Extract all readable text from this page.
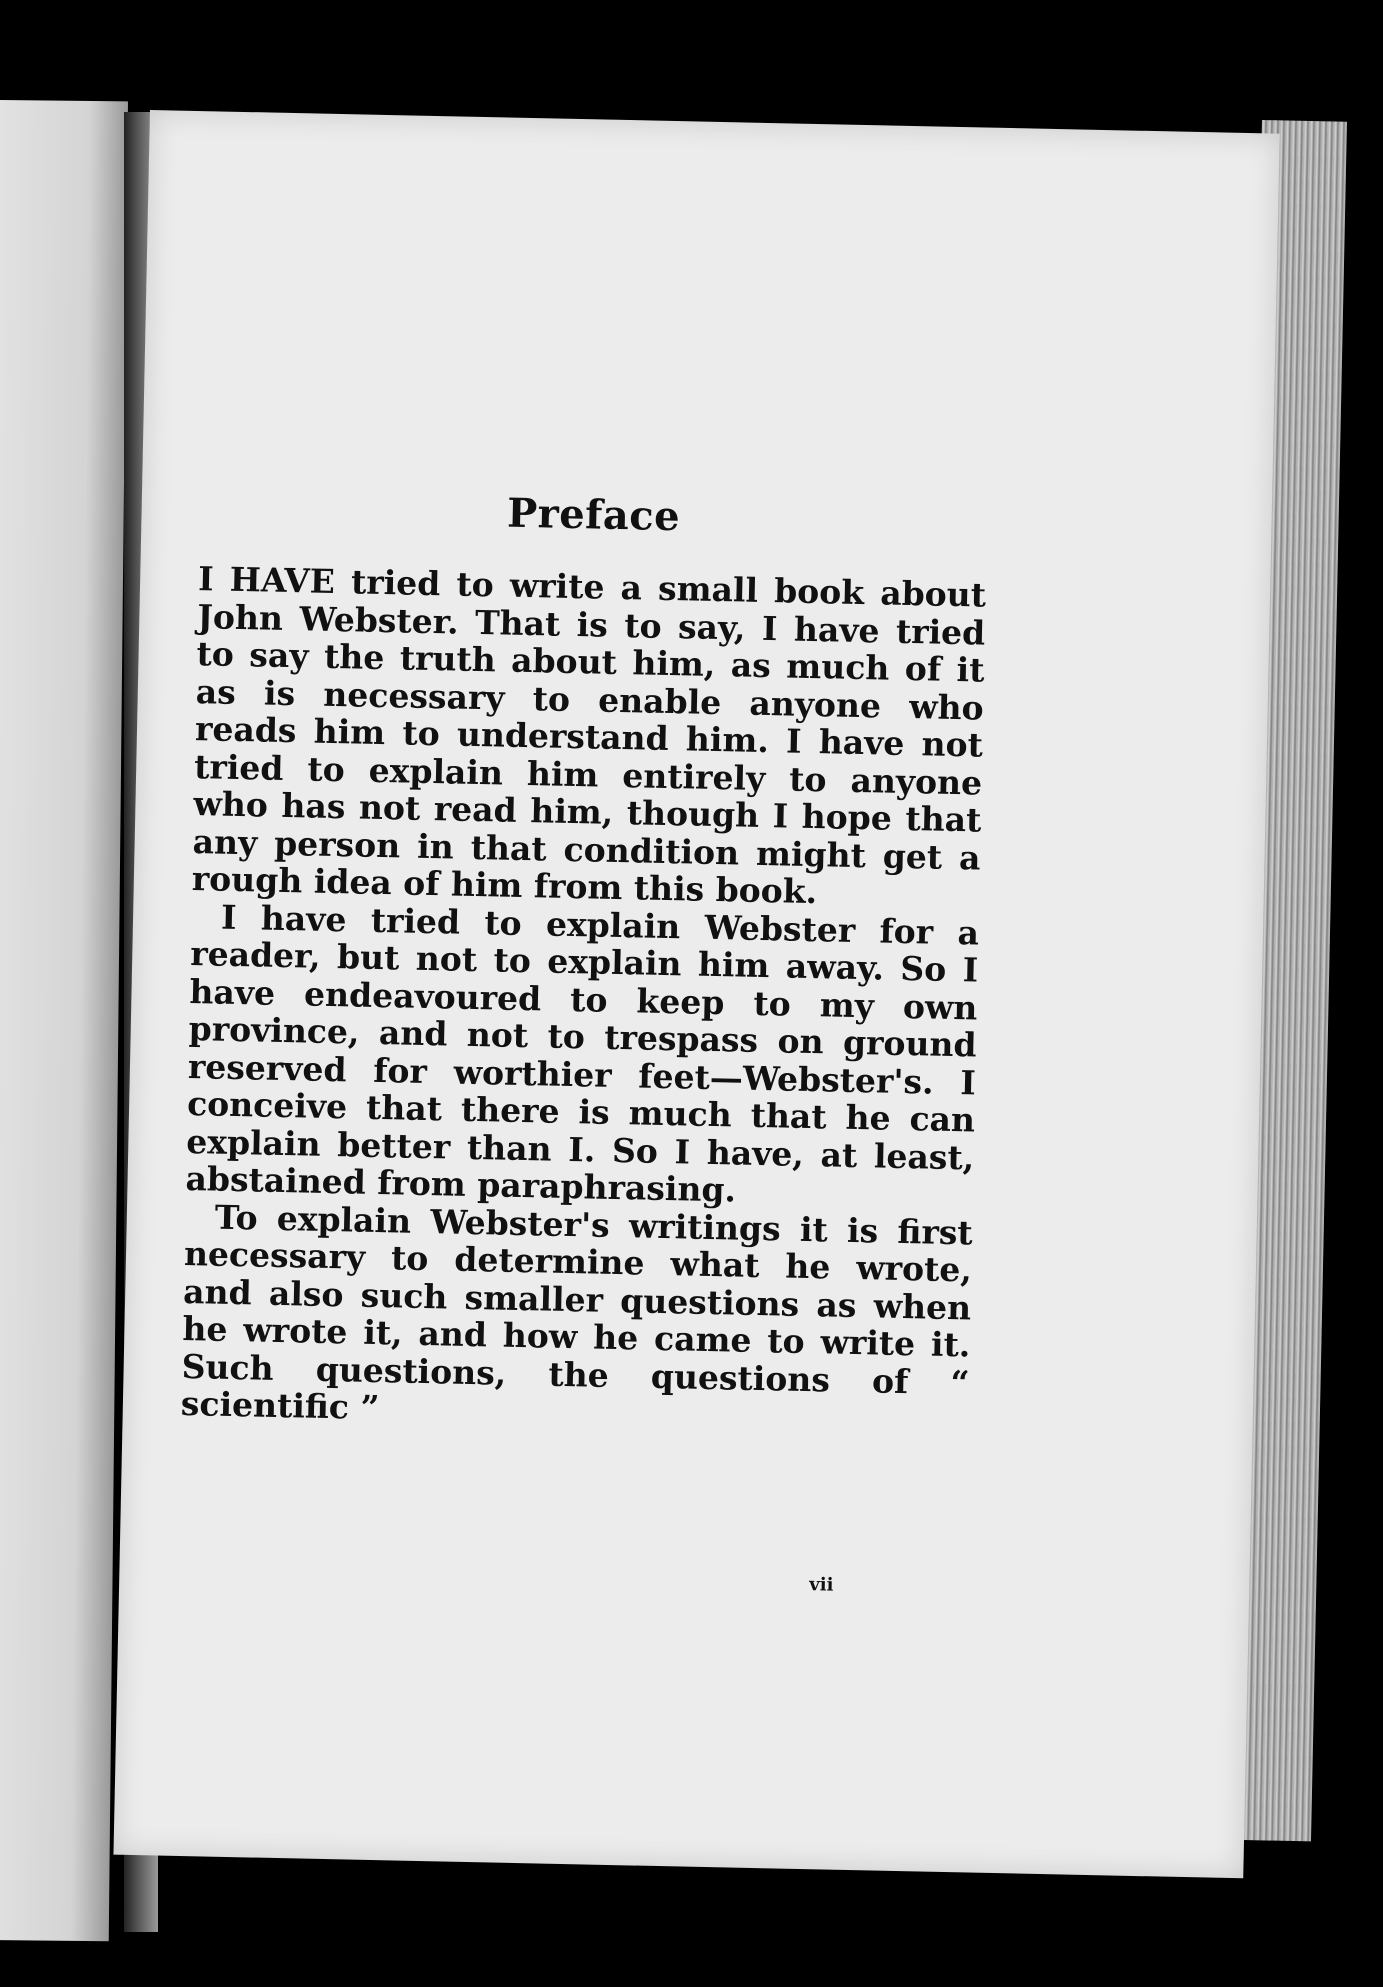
Preface

I HAVE tried to write a small book about John Webster. That is to say, I have tried to say the truth about him, as much of it as is necessary to enable anyone who reads him to understand him. I have not tried to explain him entirely to anyone who has not read him, though I hope that any person in that condition might get a rough idea of him from this book.

I have tried to explain Webster for a reader, but not to explain him away. So I have endeavoured to keep to my own province, and not to trespass on ground reserved for worthier feet—Webster's. I conceive that there is much that he can explain better than I. So I have, at least, abstained from paraphrasing.

To explain Webster's writings it is first necessary to determine what he wrote, and also such smaller questions as when he wrote it, and how he came to write it. Such questions, the questions of “ scientific ”

vii
